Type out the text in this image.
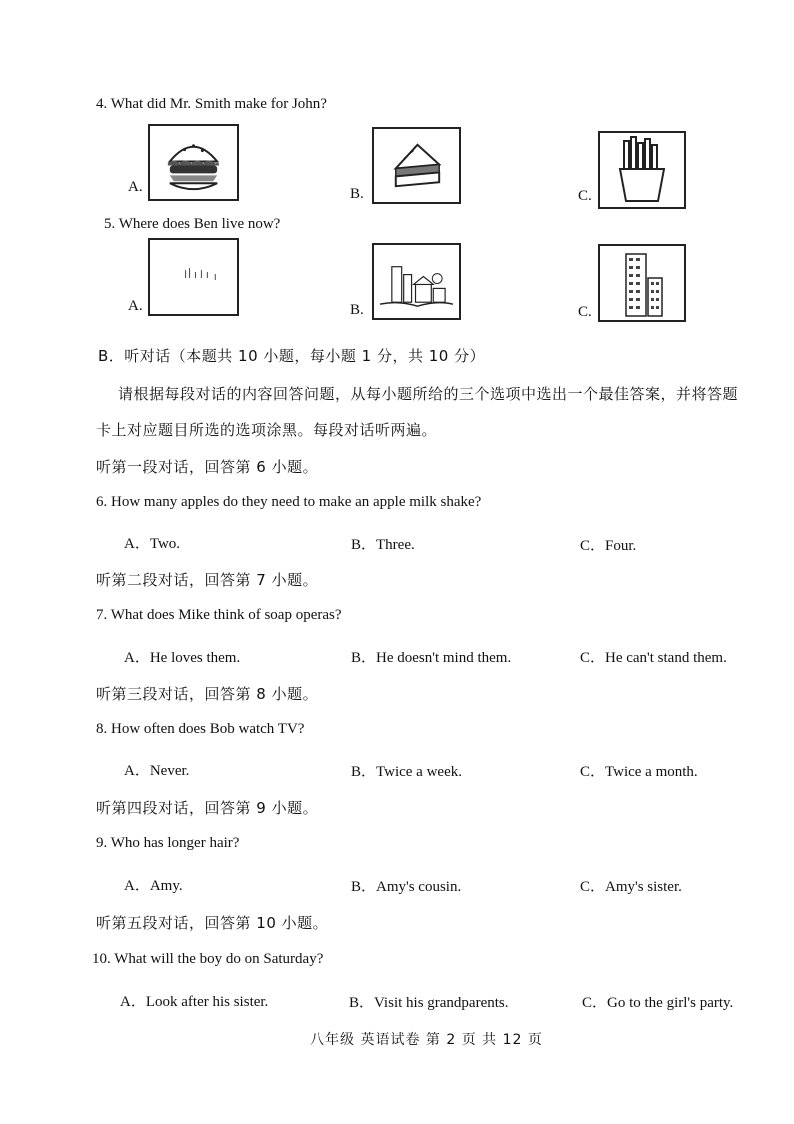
4. What did Mr. Smith make for John?
A.	B.	C.
5. Where does Ben live now?
A.	B.	C.
B．听对话（本题共 10 小题，每小题 1 分，共 10 分）
请根据每段对话的内容回答问题，从每小题所给的三个选项中选出一个最佳答案，并将答题
卡上对应题目所选的选项涂黑。每段对话听两遍。
听第一段对话，回答第 6 小题。
6. How many apples do they need to make an apple milk shake?
A．Two.	B．Three.	C．Four.
听第二段对话，回答第 7 小题。
7. What does Mike think of soap operas?
A．He loves them.	B．He doesn't mind them.	C．He can't stand them.
听第三段对话，回答第 8 小题。
8. How often does Bob watch TV?
A．Never.	B．Twice a week.	C．Twice a month.
听第四段对话，回答第 9 小题。
9. Who has longer hair?
A．Amy.	B．Amy's cousin.	C．Amy's sister.
听第五段对话，回答第 10 小题。
10. What will the boy do on Saturday?
A．Look after his sister.	B．Visit his grandparents.	C．Go to the girl's party.
八年级 英语试卷 第 2 页 共 12 页
